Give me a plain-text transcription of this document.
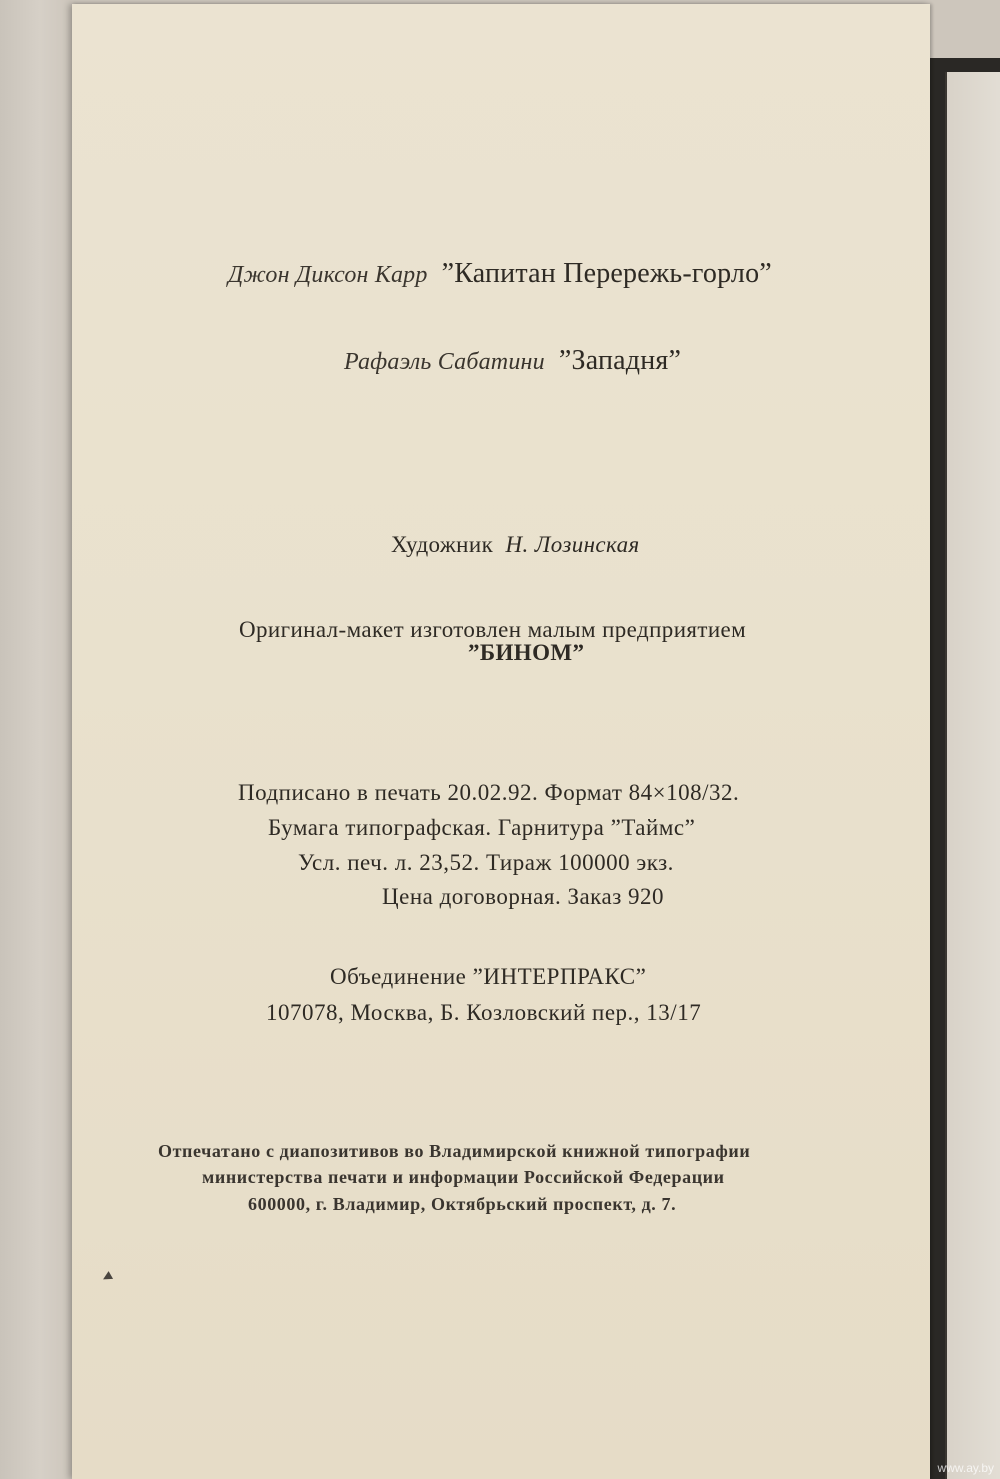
Джон Диксон Карр ”Капитан Перережь-горло”
Рафаэль Сабатини ”Западня”
Художник Н. Лозинская
Оригинал-макет изготовлен малым предприятием
”БИНОМ”
Подписано в печать 20.02.92. Формат 84×108/32.
Бумага типографская. Гарнитура ”Таймс”
Усл. печ. л. 23,52. Тираж 100000 экз.
Цена договорная. Заказ 920
Объединение ”ИНТЕРПРАКС”
107078, Москва, Б. Козловский пер., 13/17
Отпечатано с диапозитивов во Владимирской книжной типографии
министерства печати и информации Российской Федерации
600000, г. Владимир, Октябрьский проспект, д. 7.
◂
www.ay.by
